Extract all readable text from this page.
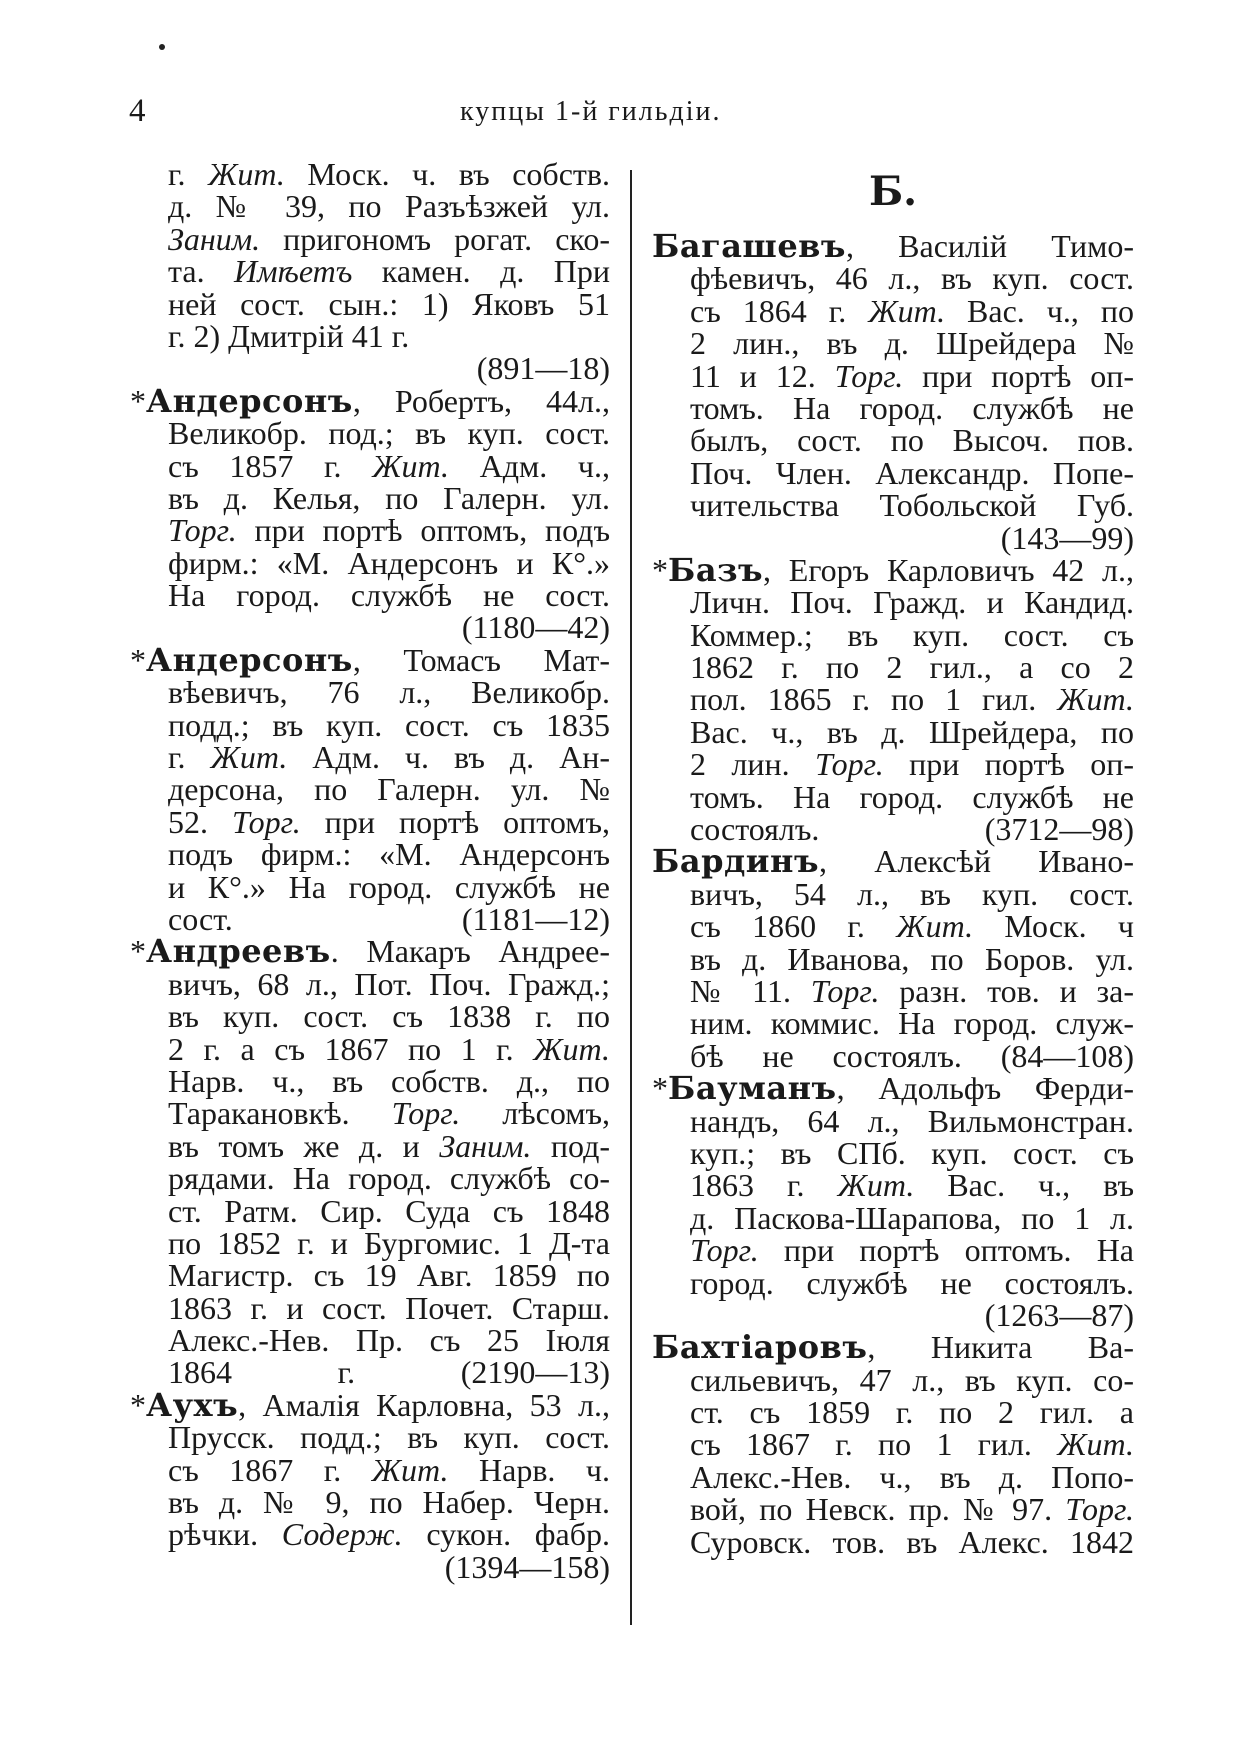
4	купцы 1-й гильдіи.
г. Жит. Моск. ч. въ собств.
д. № 39, по Разъѣзжей ул.
Заним. пригономъ рогат. ско-
та. Имѣетъ камен. д. При
ней сост. сын.: 1) Яковъ 51
г. 2) Дмитрій 41 г.
(891—18)
*Андерсонъ, Робертъ, 44л.,
Великобр. под.; въ куп. сост.
съ 1857 г. Жит. Адм. ч.,
въ д. Келья, по Галерн. ул.
Торг. при портѣ оптомъ, подъ
фирм.: «М. Андерсонъ и К°.»
На город. службѣ не сост.
(1180—42)
*Андерсонъ, Томасъ Мат-
вѣевичъ, 76 л., Великобр.
подд.; въ куп. сост. съ 1835
г. Жит. Адм. ч. въ д. Ан-
дерсона, по Галерн. ул. №
52. Торг. при портѣ оптомъ,
подъ фирм.: «М. Андерсонъ
и К°.» На город. службѣ не
сост.	(1181—12)
*Андреевъ. Макаръ Андрее-
вичъ, 68 л., Пот. Поч. Гражд.;
въ куп. сост. съ 1838 г. по
2 г. а съ 1867 по 1 г. Жит.
Нарв. ч., въ собств. д., по
Таракановкѣ. Торг. лѣсомъ,
въ томъ же д. и Заним. под-
рядами. На город. службѣ со-
ст. Ратм. Сир. Суда съ 1848
по 1852 г. и Бургомис. 1 Д-та
Магистр. съ 19 Авг. 1859 по
1863 г. и сост. Почет. Старш.
Алекс.-Нев. Пр. съ 25 Іюля
1864 г.	(2190—13)
*Аухъ, Амалія Карловна, 53 л.,
Прусск. подд.; въ куп. сост.
съ 1867 г. Жит. Нарв. ч.
въ д. № 9, по Набер. Черн.
рѣчки. Содерж. сукон. фабр.
(1394—158)
Б.
Багашевъ, Василій Тимо-
фѣевичъ, 46 л., въ куп. сост.
съ 1864 г. Жит. Вас. ч., по
2 лин., въ д. Шрейдера №
11 и 12. Торг. при портѣ оп-
томъ. На город. службѣ не
былъ, сост. по Высоч. пов.
Поч. Член. Александр. Попе-
чительства Тобольской Губ.
(143—99)
*Базъ, Егоръ Карловичъ 42 л.,
Личн. Поч. Гражд. и Кандид.
Коммер.; въ куп. сост. съ
1862 г. по 2 гил., а со 2
пол. 1865 г. по 1 гил. Жит.
Вас. ч., въ д. Шрейдера, по
2 лин. Торг. при портѣ оп-
томъ. На город. службѣ не
состоялъ.	(3712—98)
Бардинъ, Алексѣй Ивано-
вичъ, 54 л., въ куп. сост.
съ 1860 г. Жит. Моск. ч
въ д. Иванова, по Боров. ул.
№ 11. Торг. разн. тов. и за-
ним. коммис. На город. служ-
бѣ не состоялъ. (84—108)
*Бауманъ, Адольфъ Ферди-
нандъ, 64 л., Вильмонстран.
куп.; въ СПб. куп. сост. съ
1863 г. Жит. Вас. ч., въ
д. Паскова-Шарапова, по 1 л.
Торг. при портѣ оптомъ. На
город. службѣ не состоялъ.
(1263—87)
Бахтіаровъ, Никита Ва-
сильевичъ, 47 л., въ куп. со-
ст. съ 1859 г. по 2 гил. а
съ 1867 г. по 1 гил. Жит.
Алекс.-Нев. ч., въ д. Попо-
вой, по Невск. пр. № 97. Торг.
Суровск. тов. въ Алекс. 1842
